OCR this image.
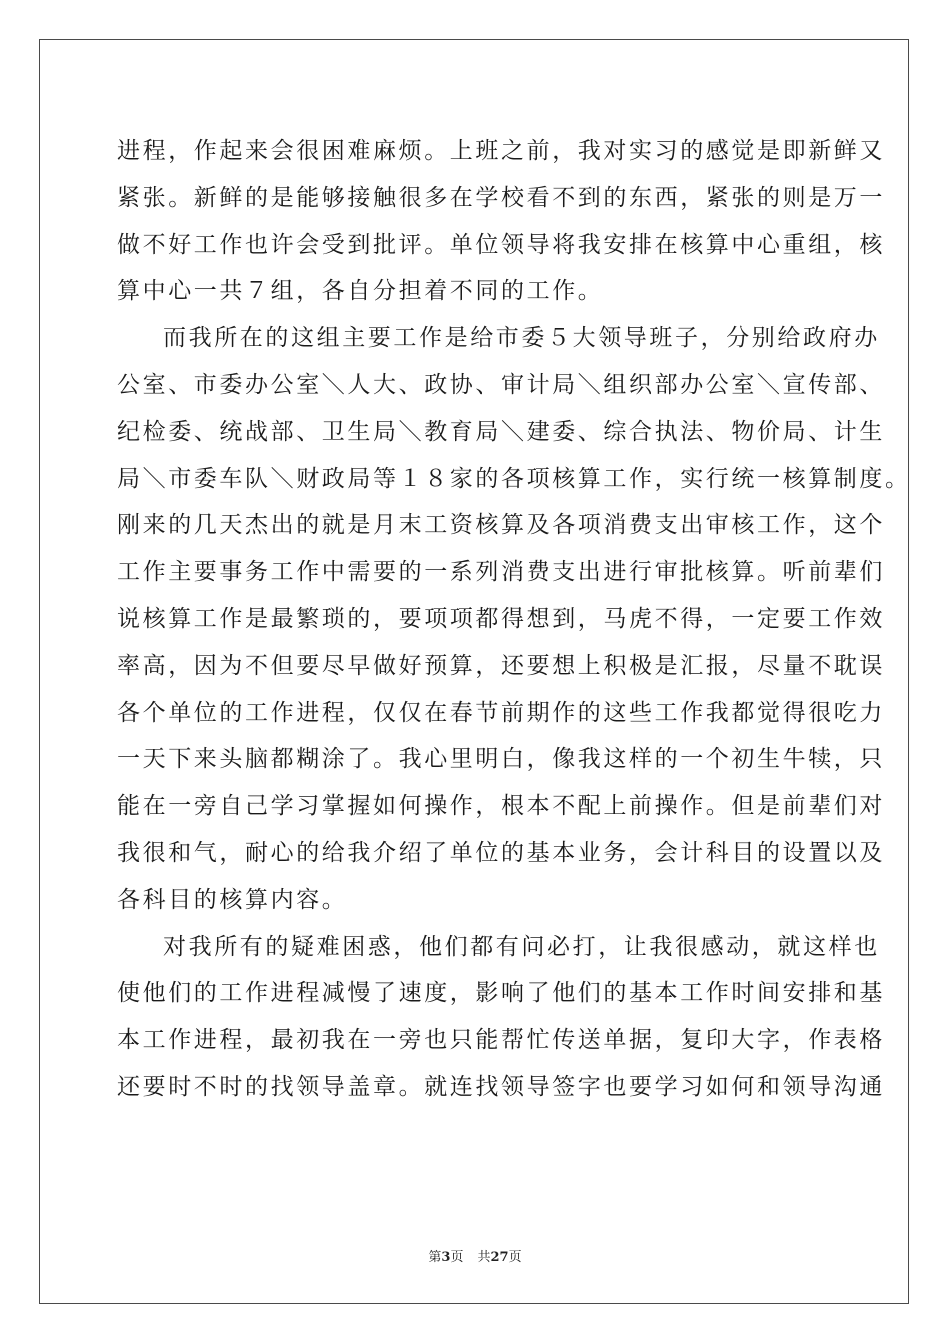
进程，作起来会很困难麻烦。上班之前，我对实习的感觉是即新鲜又
紧张。新鲜的是能够接触很多在学校看不到的东西，紧张的则是万一
做不好工作也许会受到批评。单位领导将我安排在核算中心重组，核
算中心一共７组，各自分担着不同的工作。
而我所在的这组主要工作是给市委５大领导班子，分别给政府办
公室、市委办公室＼人大、政协、审计局＼组织部办公室＼宣传部、
纪检委、统战部、卫生局＼教育局＼建委、综合执法、物价局、计生
局＼市委车队＼财政局等１８家的各项核算工作，实行统一核算制度。
刚来的几天杰出的就是月末工资核算及各项消费支出审核工作，这个
工作主要事务工作中需要的一系列消费支出进行审批核算。听前辈们
说核算工作是最繁琐的，要项项都得想到，马虎不得，一定要工作效
率高，因为不但要尽早做好预算，还要想上积极是汇报，尽量不耽误
各个单位的工作进程，仅仅在春节前期作的这些工作我都觉得很吃力
一天下来头脑都糊涂了。我心里明白，像我这样的一个初生牛犊，只
能在一旁自己学习掌握如何操作，根本不配上前操作。但是前辈们对
我很和气，耐心的给我介绍了单位的基本业务，会计科目的设置以及
各科目的核算内容。
对我所有的疑难困惑，他们都有问必打，让我很感动，就这样也
使他们的工作进程减慢了速度，影响了他们的基本工作时间安排和基
本工作进程，最初我在一旁也只能帮忙传送单据，复印大字，作表格
还要时不时的找领导盖章。就连找领导签字也要学习如何和领导沟通
第3页 共27页
